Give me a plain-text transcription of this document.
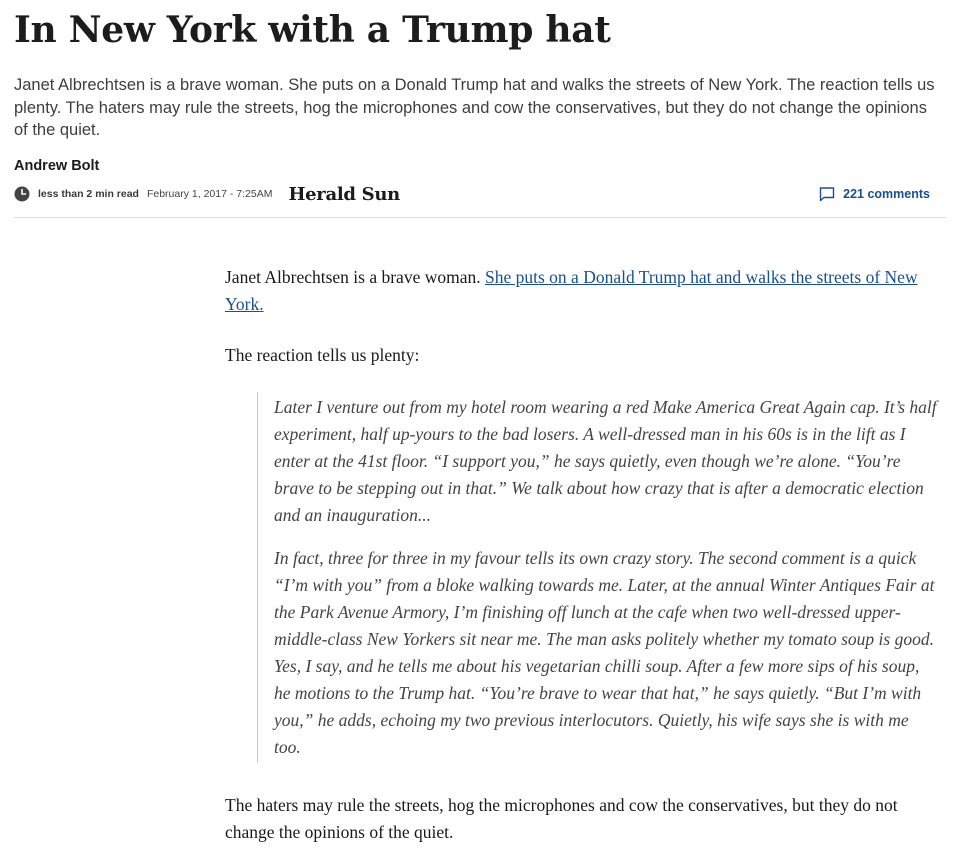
In New York with a Trump hat

Janet Albrechtsen is a brave woman. She puts on a Donald Trump hat and walks the streets of New York. The reaction tells us plenty. The haters may rule the streets, hog the microphones and cow the conservatives, but they do not change the opinions of the quiet.

Andrew Bolt
less than 2 min read February 1, 2017 - 7:25AM Herald Sun	221 comments

Janet Albrechtsen is a brave woman. She puts on a Donald Trump hat and walks the streets of New York.

The reaction tells us plenty:

Later I venture out from my hotel room wearing a red Make America Great Again cap. It’s half experiment, half up-yours to the bad losers. A well-dressed man in his 60s is in the lift as I enter at the 41st floor. “I support you,” he says quietly, even though we’re alone. “You’re brave to be stepping out in that.” We talk about how crazy that is after a democratic election and an inauguration...

In fact, three for three in my favour tells its own crazy story. The second comment is a quick “I’m with you” from a bloke walking towards me. Later, at the annual Winter Antiques Fair at the Park Avenue Armory, I’m finishing off lunch at the cafe when two well-dressed upper-middle-class New Yorkers sit near me. The man asks politely whether my tomato soup is good. Yes, I say, and he tells me about his vegetarian chilli soup. After a few more sips of his soup, he motions to the Trump hat. “You’re brave to wear that hat,” he says quietly. “But I’m with you,” he adds, echoing my two previous interlocutors. Quietly, his wife says she is with me too.

The haters may rule the streets, hog the microphones and cow the conservatives, but they do not change the opinions of the quiet.
